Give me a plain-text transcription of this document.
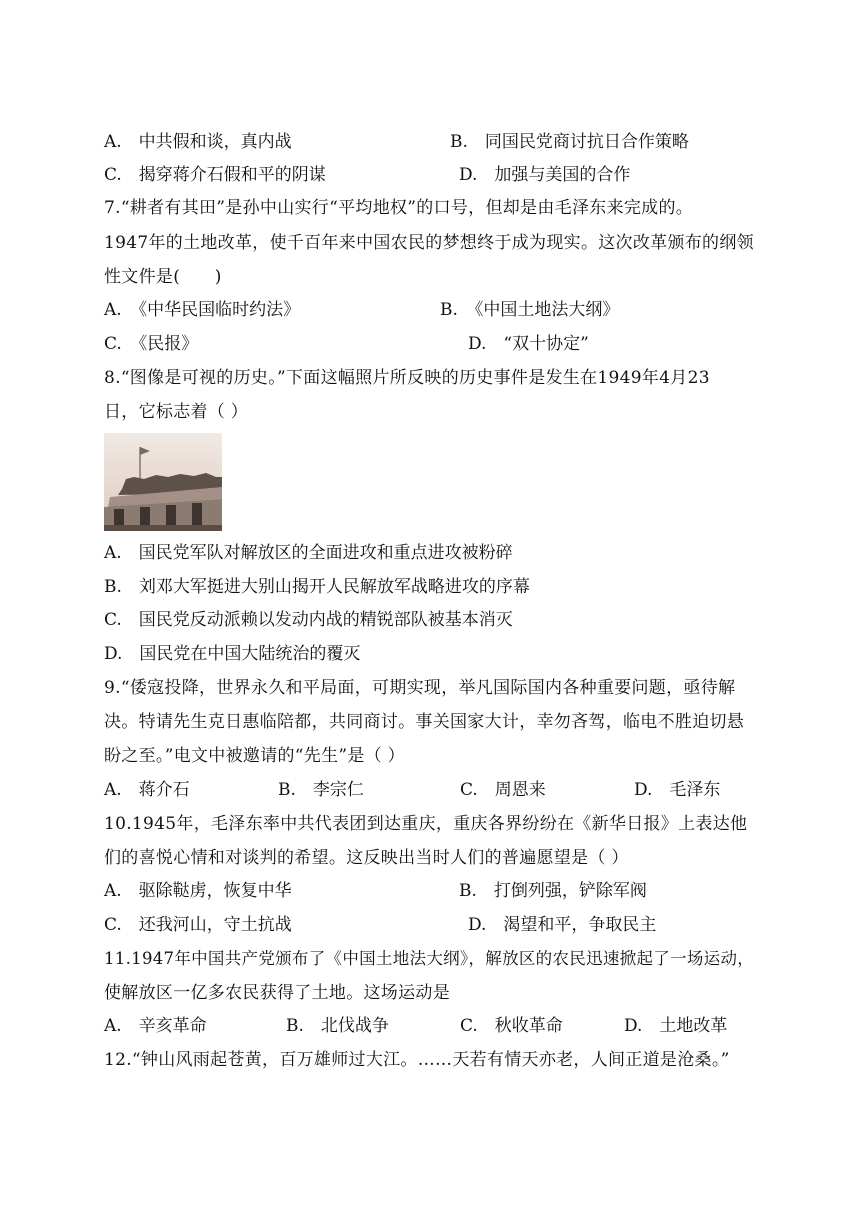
A.　中共假和谈，真内战	B.　同国民党商讨抗日合作策略
C.　揭穿蒋介石假和平的阴谋	D.　加强与美国的合作
7.“耕者有其田”是孙中山实行“平均地权”的口号，但却是由毛泽东来完成的。
1947年的土地改革，使千百年来中国农民的梦想终于成为现实。这次改革颁布的纲领
性文件是(　　)
A.　《中华民国临时约法》	B.　《中国土地法大纲》
C.　《民报》	D.　“双十协定”
8.“图像是可视的历史。”下面这幅照片所反映的历史事件是发生在1949年4月23
日，它标志着（ ）
A.　国民党军队对解放区的全面进攻和重点进攻被粉碎
B.　刘邓大军挺进大别山揭开人民解放军战略进攻的序幕
C.　国民党反动派赖以发动内战的精锐部队被基本消灭
D.　国民党在中国大陆统治的覆灭
9.“倭寇投降，世界永久和平局面，可期实现，举凡国际国内各种重要问题，亟待解
决。特请先生克日惠临陪都，共同商讨。事关国家大计，幸勿吝驾，临电不胜迫切悬
盼之至。”电文中被邀请的“先生”是（ ）
A.　蒋介石	B.　李宗仁	C.　周恩来	D.　毛泽东
10.1945年，毛泽东率中共代表团到达重庆，重庆各界纷纷在《新华日报》上表达他
们的喜悦心情和对谈判的希望。这反映出当时人们的普遍愿望是（ ）
A.　驱除鞑虏，恢复中华	B.　打倒列强，铲除军阀
C.　还我河山，守土抗战	D.　渴望和平，争取民主
11.1947年中国共产党颁布了《中国土地法大纲》，解放区的农民迅速掀起了一场运动，
使解放区一亿多农民获得了土地。这场运动是
A.　辛亥革命	B.　北伐战争	C.　秋收革命	D.　土地改革
12.“钟山风雨起苍黄，百万雄师过大江。……天若有情天亦老，人间正道是沧桑。”
